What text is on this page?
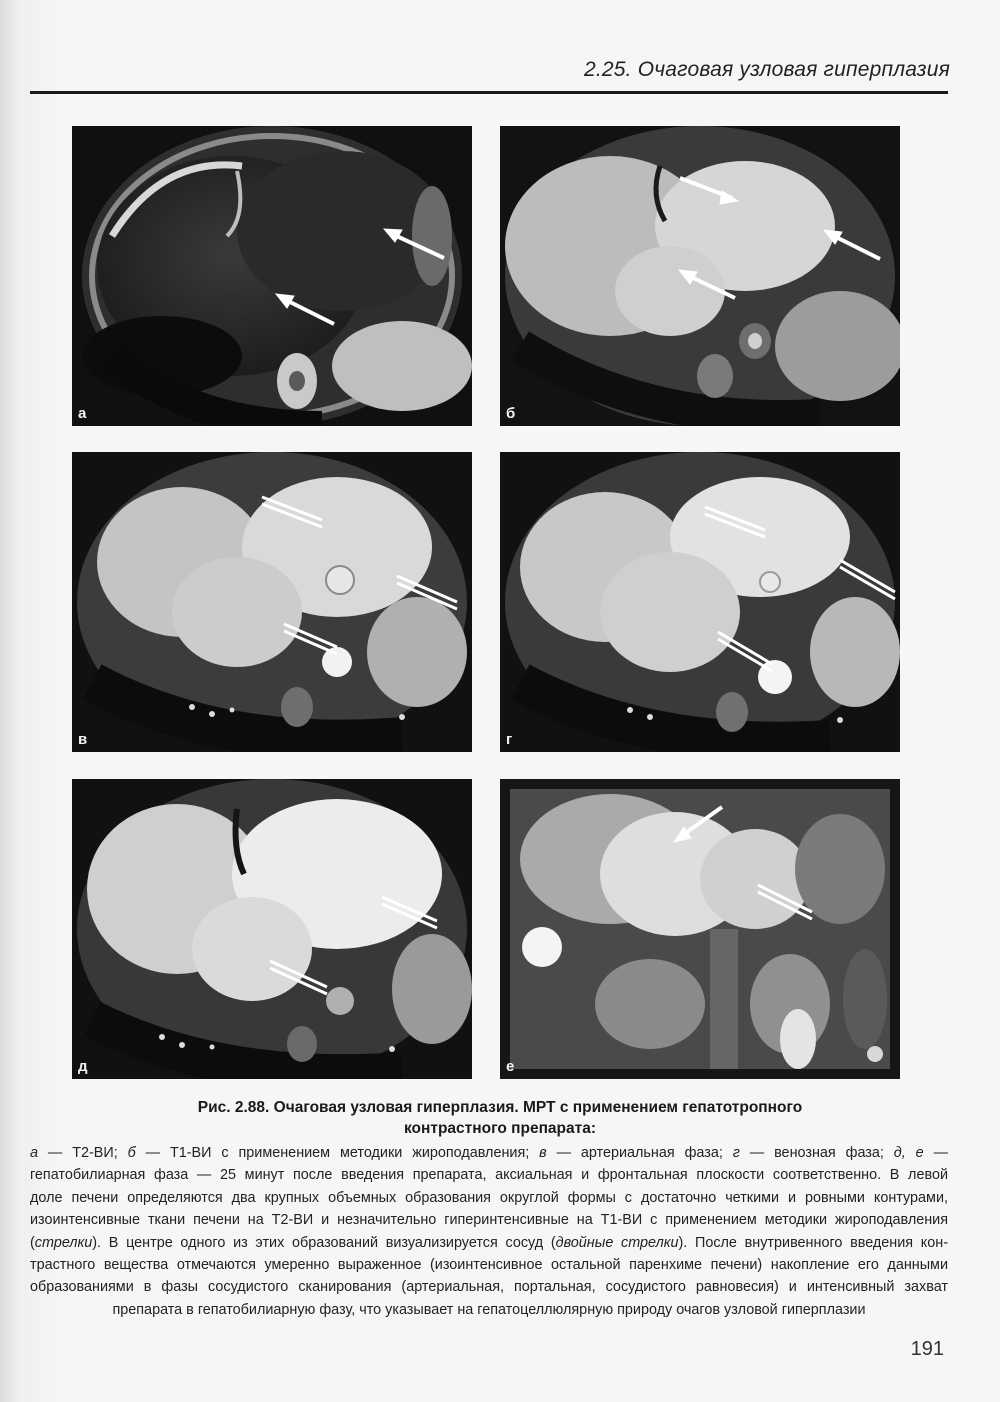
2.25. Очаговая узловая гиперплазия
а	б
в	г
д	е
Рис. 2.88. Очаговая узловая гиперплазия. МРТ с применением гепатотропного
контрастного препарата:
а — Т2-ВИ; б — Т1-ВИ с применением методики жироподавления; в — артериальная фаза; г — венозная фаза; д, е —
гепатобилиарная фаза — 25 минут после введения препарата, аксиальная и фронтальная плоскости соответственно. В левой
доле печени определяются два крупных объемных образования округлой формы с достаточно четкими и ровными контурами,
изоинтенсивные ткани печени на Т2-ВИ и незначительно гиперинтенсивные на Т1-ВИ с применением методики жироподавления
(стрелки). В центре одного из этих образований визуализируется сосуд (двойные стрелки). После внутривенного введения кон-
трастного вещества отмечаются умеренно выраженное (изоинтенсивное остальной паренхиме печени) накопление его данными
образованиями в фазы сосудистого сканирования (артериальная, портальная, сосудистого равновесия) и интенсивный захват
препарата в гепатобилиарную фазу, что указывает на гепатоцеллюлярную природу очагов узловой гиперплазии
191
